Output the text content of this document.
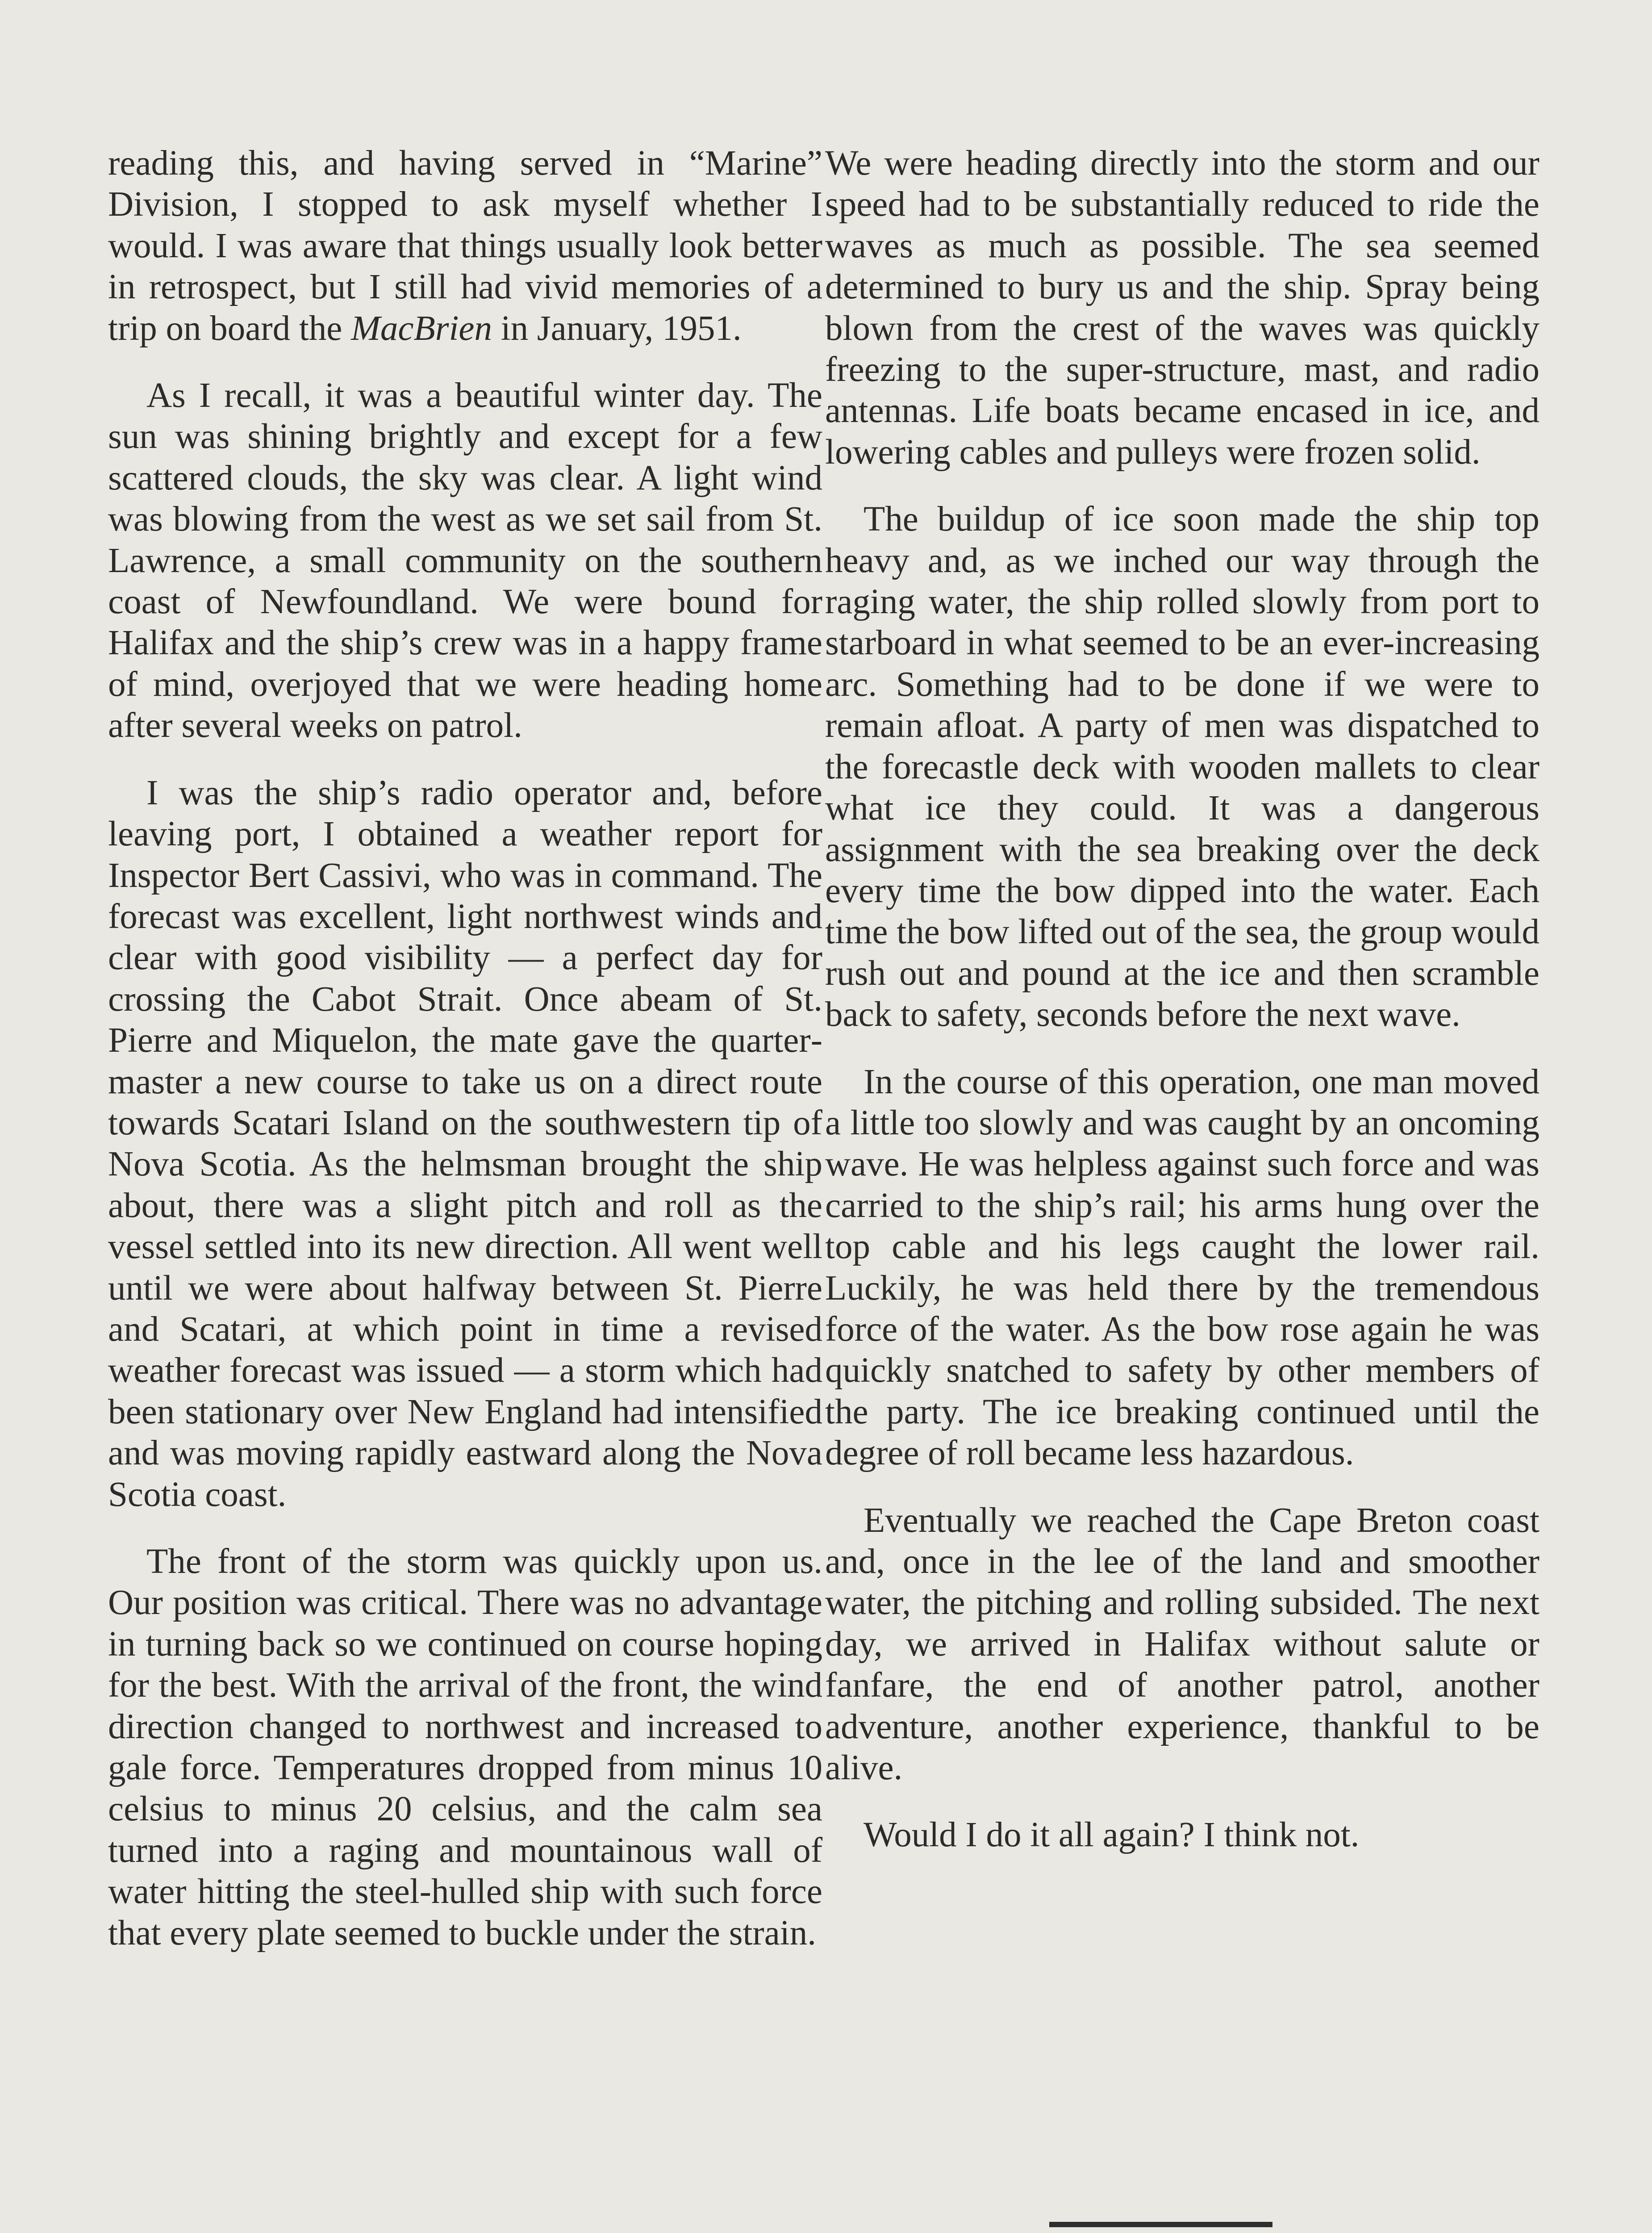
reading this, and having served in “Marine” Division, I stopped to ask myself whether I would. I was aware that things usually look better in retrospect, but I still had vivid memories of a trip on board the MacBrien in January, 1951.

As I recall, it was a beautiful winter day. The sun was shining brightly and except for a few scattered clouds, the sky was clear. A light wind was blowing from the west as we set sail from St. Lawrence, a small community on the southern coast of Newfoundland. We were bound for Halifax and the ship’s crew was in a happy frame of mind, overjoyed that we were heading home after several weeks on patrol.

I was the ship’s radio operator and, before leaving port, I obtained a weather report for Inspector Bert Cassivi, who was in command. The forecast was excellent, light northwest winds and clear with good visibility — a perfect day for crossing the Cabot Strait. Once abeam of St. Pierre and Miquelon, the mate gave the quartermaster a new course to take us on a direct route towards Scatari Island on the southwestern tip of Nova Scotia. As the helmsman brought the ship about, there was a slight pitch and roll as the vessel settled into its new direction. All went well until we were about halfway between St. Pierre and Scatari, at which point in time a revised weather forecast was issued — a storm which had been stationary over New England had intensified and was moving rapidly eastward along the Nova Scotia coast.

The front of the storm was quickly upon us. Our position was critical. There was no advantage in turning back so we continued on course hoping for the best. With the arrival of the front, the wind direction changed to northwest and increased to gale force. Temperatures dropped from minus 10 celsius to minus 20 celsius, and the calm sea turned into a raging and mountainous wall of water hitting the steel-hulled ship with such force that every plate seemed to buckle under the strain.

We were heading directly into the storm and our speed had to be substantially reduced to ride the waves as much as possible. The sea seemed determined to bury us and the ship. Spray being blown from the crest of the waves was quickly freezing to the super-structure, mast, and radio antennas. Life boats became encased in ice, and lowering cables and pulleys were frozen solid.

The buildup of ice soon made the ship top heavy and, as we inched our way through the raging water, the ship rolled slowly from port to starboard in what seemed to be an ever-increasing arc. Something had to be done if we were to remain afloat. A party of men was dispatched to the forecastle deck with wooden mallets to clear what ice they could. It was a dangerous assignment with the sea breaking over the deck every time the bow dipped into the water. Each time the bow lifted out of the sea, the group would rush out and pound at the ice and then scramble back to safety, seconds before the next wave.

In the course of this operation, one man moved a little too slowly and was caught by an oncoming wave. He was helpless against such force and was carried to the ship’s rail; his arms hung over the top cable and his legs caught the lower rail. Luckily, he was held there by the tremendous force of the water. As the bow rose again he was quickly snatched to safety by other members of the party. The ice breaking continued until the degree of roll became less hazardous.

Eventually we reached the Cape Breton coast and, once in the lee of the land and smoother water, the pitching and rolling subsided. The next day, we arrived in Halifax without salute or fanfare, the end of another patrol, another adventure, another experience, thankful to be alive.

Would I do it all again? I think not.
